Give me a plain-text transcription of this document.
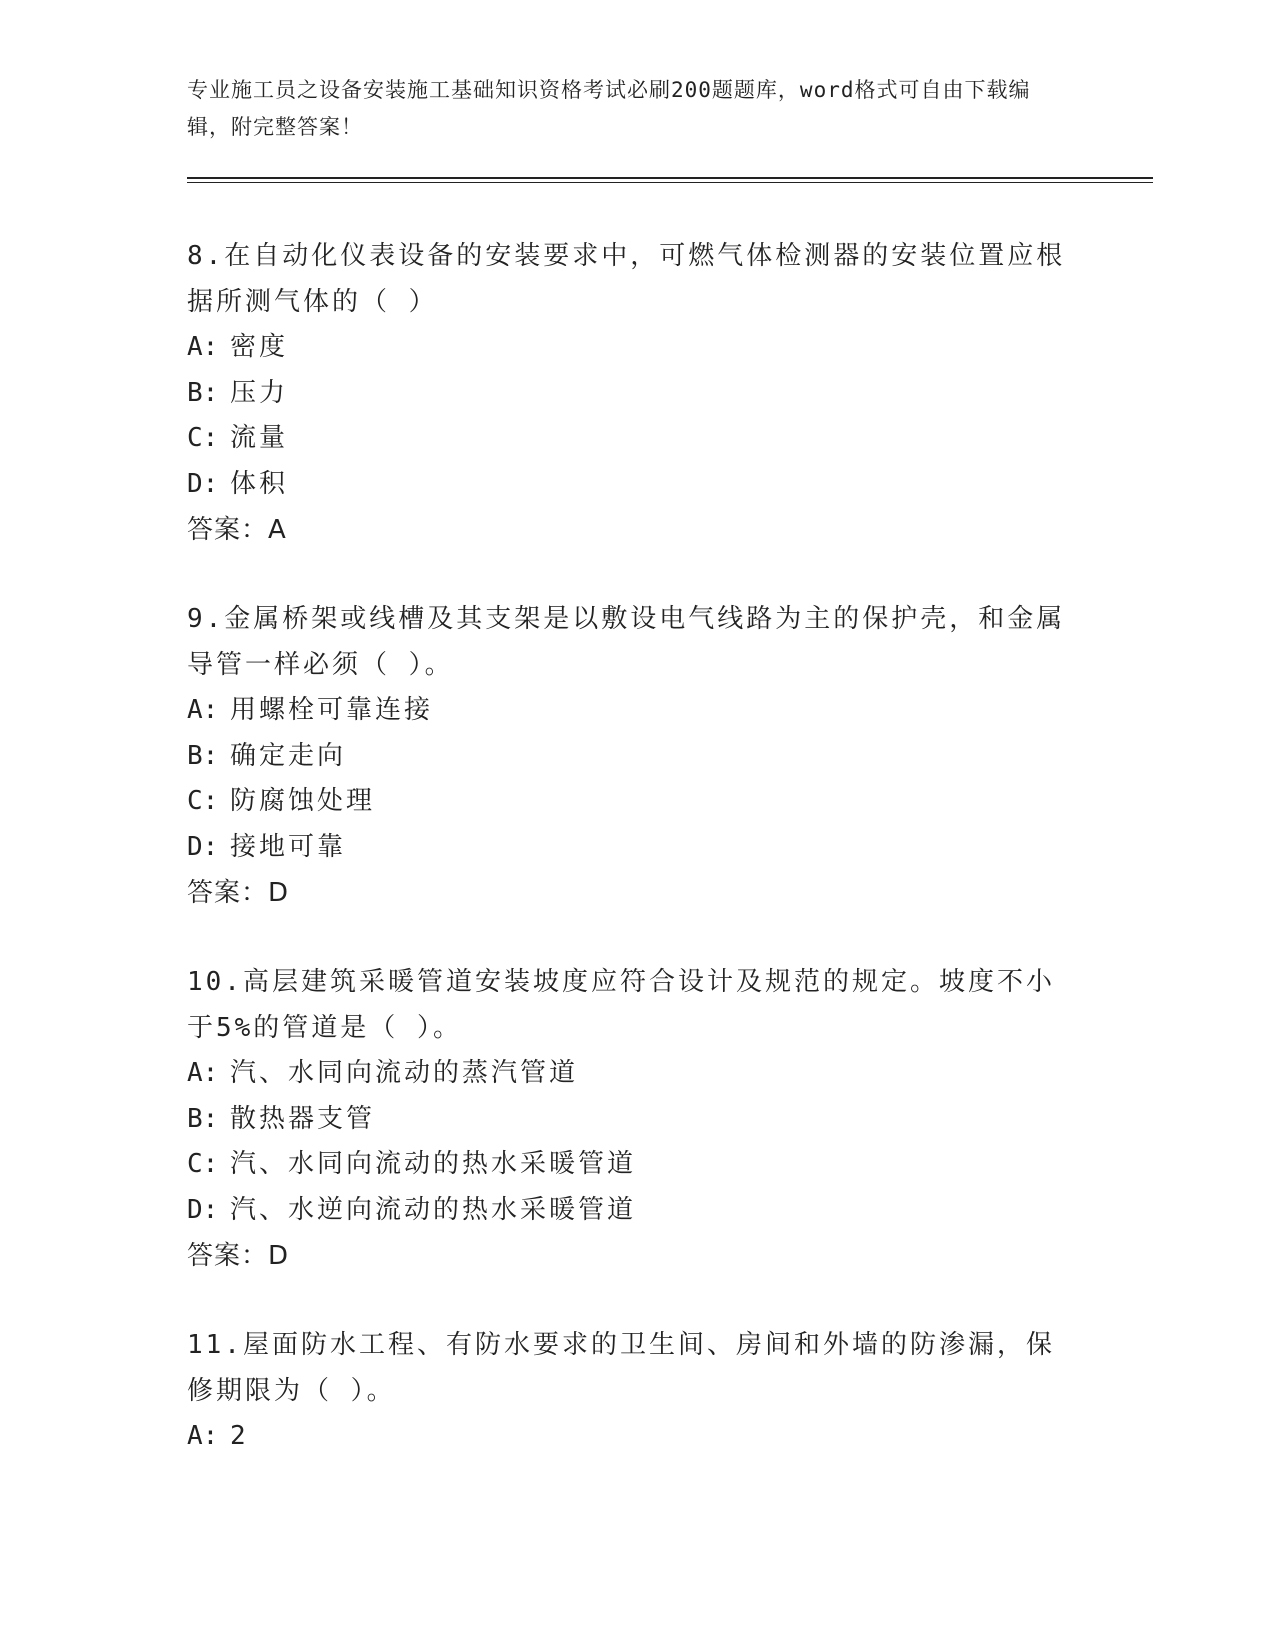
专业施工员之设备安装施工基础知识资格考试必刷200题题库，word格式可自由下载编辑，附完整答案！

8.在自动化仪表设备的安装要求中，可燃气体检测器的安装位置应根据所测气体的（ ）

A: 密度

B: 压力

C: 流量

D: 体积

答案：A

9.金属桥架或线槽及其支架是以敷设电气线路为主的保护壳，和金属导管一样必须（ ）。

A: 用螺栓可靠连接

B: 确定走向

C: 防腐蚀处理

D: 接地可靠

答案：D

10.高层建筑采暖管道安装坡度应符合设计及规范的规定。坡度不小于5%的管道是（ ）。

A: 汽、水同向流动的蒸汽管道

B: 散热器支管

C: 汽、水同向流动的热水采暖管道

D: 汽、水逆向流动的热水采暖管道

答案：D

11.屋面防水工程、有防水要求的卫生间、房间和外墙的防渗漏，保修期限为（ ）。

A: 2
